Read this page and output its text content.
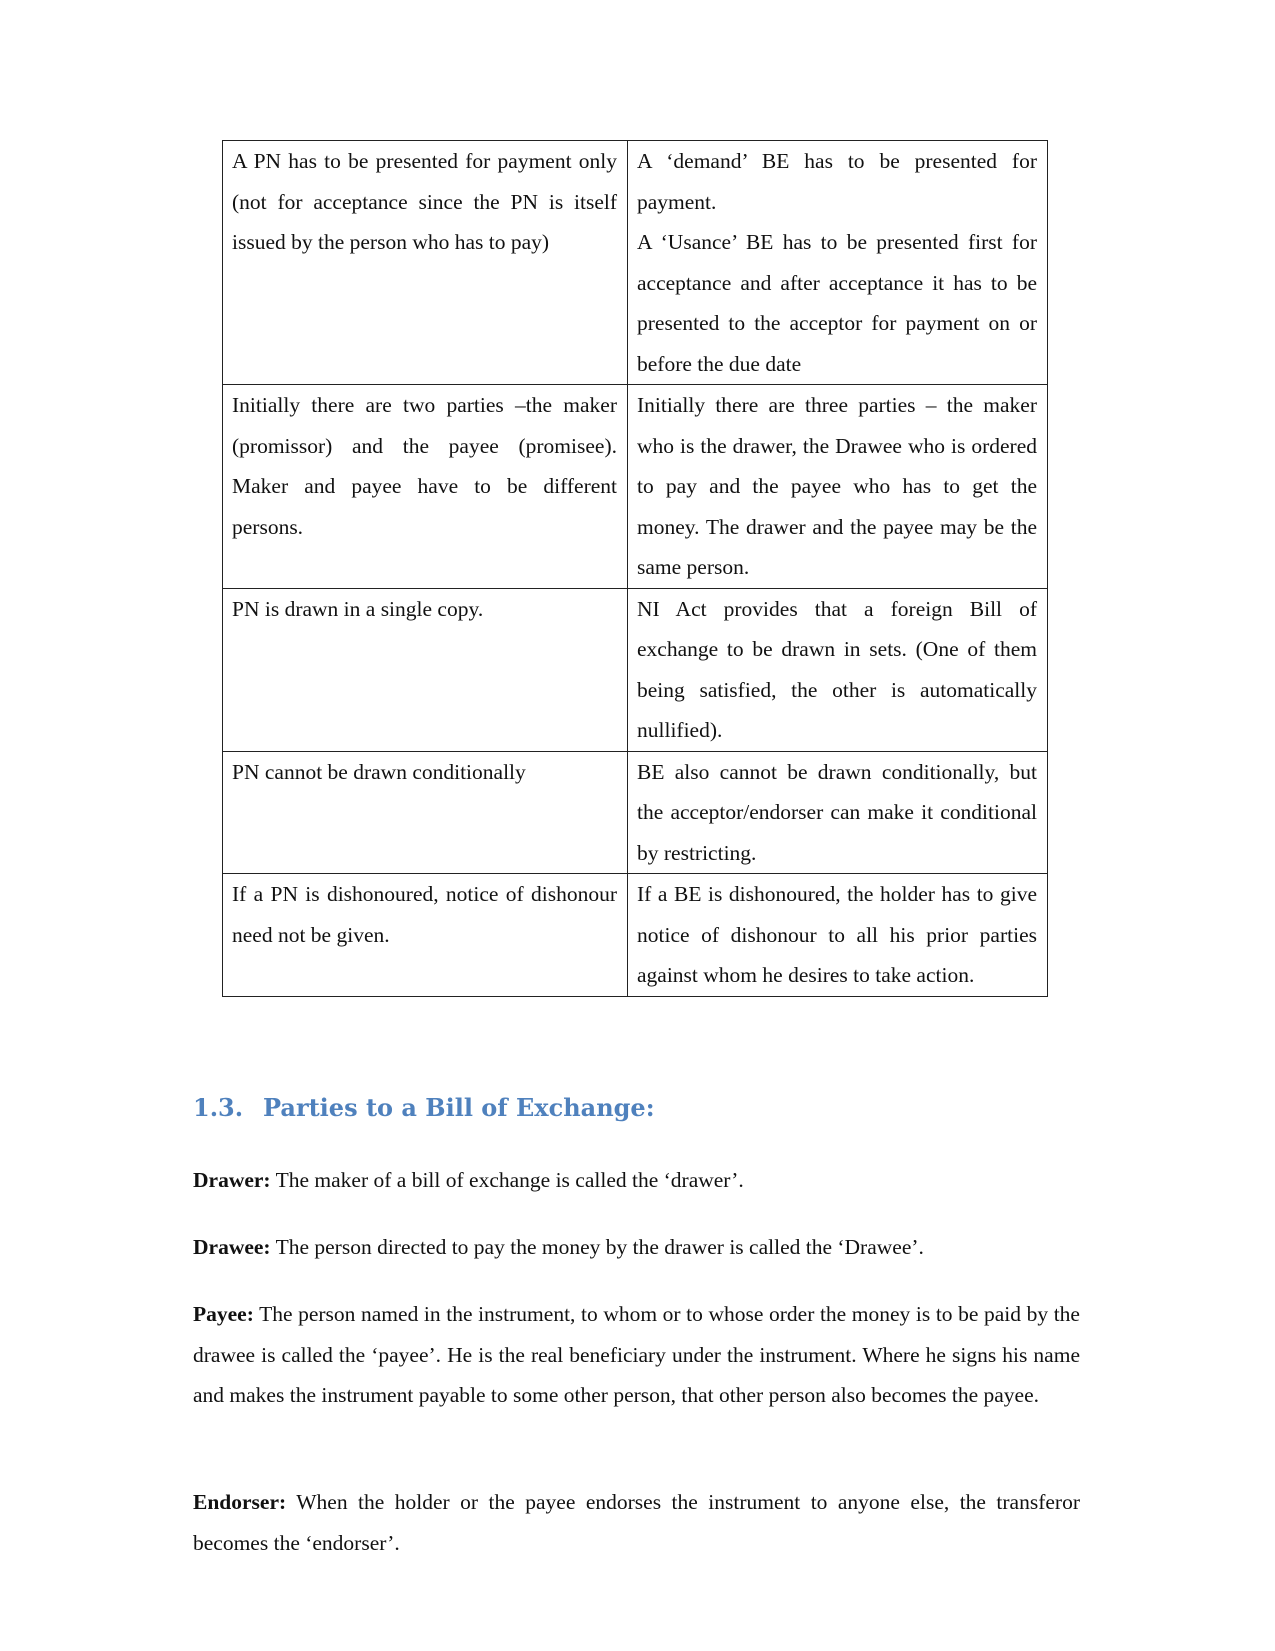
A PN has to be presented for payment only (not for acceptance since the PN is itself issued by the person who has to pay)	A ‘demand’ BE has to be presented for payment.

A ‘Usance’ BE has to be presented first for acceptance and after acceptance it has to be presented to the acceptor for payment on or before the due date

Initially there are two parties –the maker (promissor) and the payee (promisee). Maker and payee have to be different persons.	Initially there are three parties – the maker who is the drawer, the Drawee who is ordered to pay and the payee who has to get the money. The drawer and the payee may be the same person.

PN is drawn in a single copy.	NI Act provides that a foreign Bill of exchange to be drawn in sets. (One of them being satisfied, the other is automatically nullified).

PN cannot be drawn conditionally	BE also cannot be drawn conditionally, but the acceptor/endorser can make it conditional by restricting.

If a PN is dishonoured, notice of dishonour need not be given.	If a BE is dishonoured, the holder has to give notice of dishonour to all his prior parties against whom he desires to take action.

1.3. Parties to a Bill of Exchange:

Drawer: The maker of a bill of exchange is called the ‘drawer’.

Drawee: The person directed to pay the money by the drawer is called the ‘Drawee’.

Payee: The person named in the instrument, to whom or to whose order the money is to be paid by the drawee is called the ‘payee’. He is the real beneficiary under the instrument. Where he signs his name and makes the instrument payable to some other person, that other person also becomes the payee.

Endorser: When the holder or the payee endorses the instrument to anyone else, the transferor becomes the ‘endorser’.
